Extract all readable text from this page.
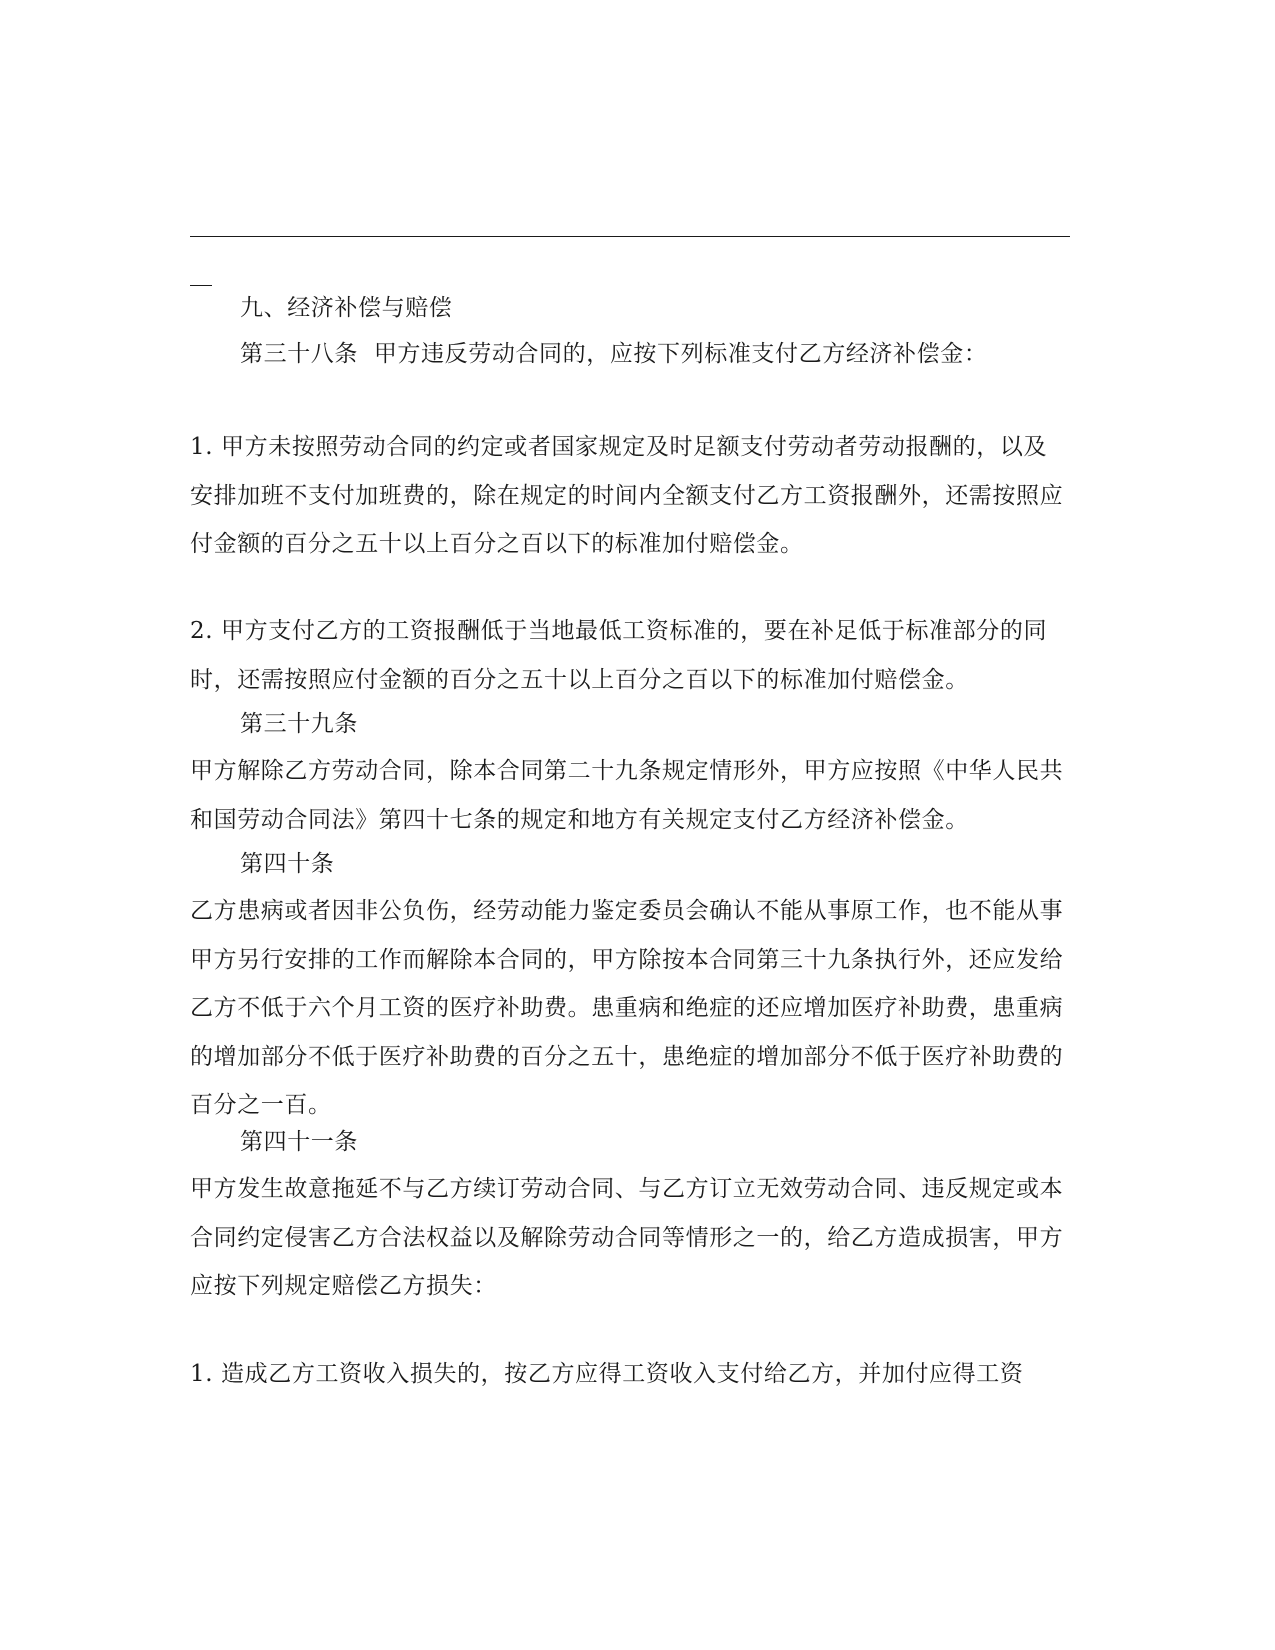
九、经济补偿与赔偿

第三十八条 甲方违反劳动合同的，应按下列标准支付乙方经济补偿金：

1. 甲方未按照劳动合同的约定或者国家规定及时足额支付劳动者劳动报酬的，以及安排加班不支付加班费的，除在规定的时间内全额支付乙方工资报酬外，还需按照应付金额的百分之五十以上百分之百以下的标准加付赔偿金。

2. 甲方支付乙方的工资报酬低于当地最低工资标准的，要在补足低于标准部分的同时，还需按照应付金额的百分之五十以上百分之百以下的标准加付赔偿金。

第三十九条

甲方解除乙方劳动合同，除本合同第二十九条规定情形外，甲方应按照《中华人民共和国劳动合同法》第四十七条的规定和地方有关规定支付乙方经济补偿金。

第四十条

乙方患病或者因非公负伤，经劳动能力鉴定委员会确认不能从事原工作，也不能从事甲方另行安排的工作而解除本合同的，甲方除按本合同第三十九条执行外，还应发给乙方不低于六个月工资的医疗补助费。患重病和绝症的还应增加医疗补助费，患重病的增加部分不低于医疗补助费的百分之五十，患绝症的增加部分不低于医疗补助费的百分之一百。

第四十一条

甲方发生故意拖延不与乙方续订劳动合同、与乙方订立无效劳动合同、违反规定或本合同约定侵害乙方合法权益以及解除劳动合同等情形之一的，给乙方造成损害，甲方应按下列规定赔偿乙方损失：

1. 造成乙方工资收入损失的，按乙方应得工资收入支付给乙方，并加付应得工资
